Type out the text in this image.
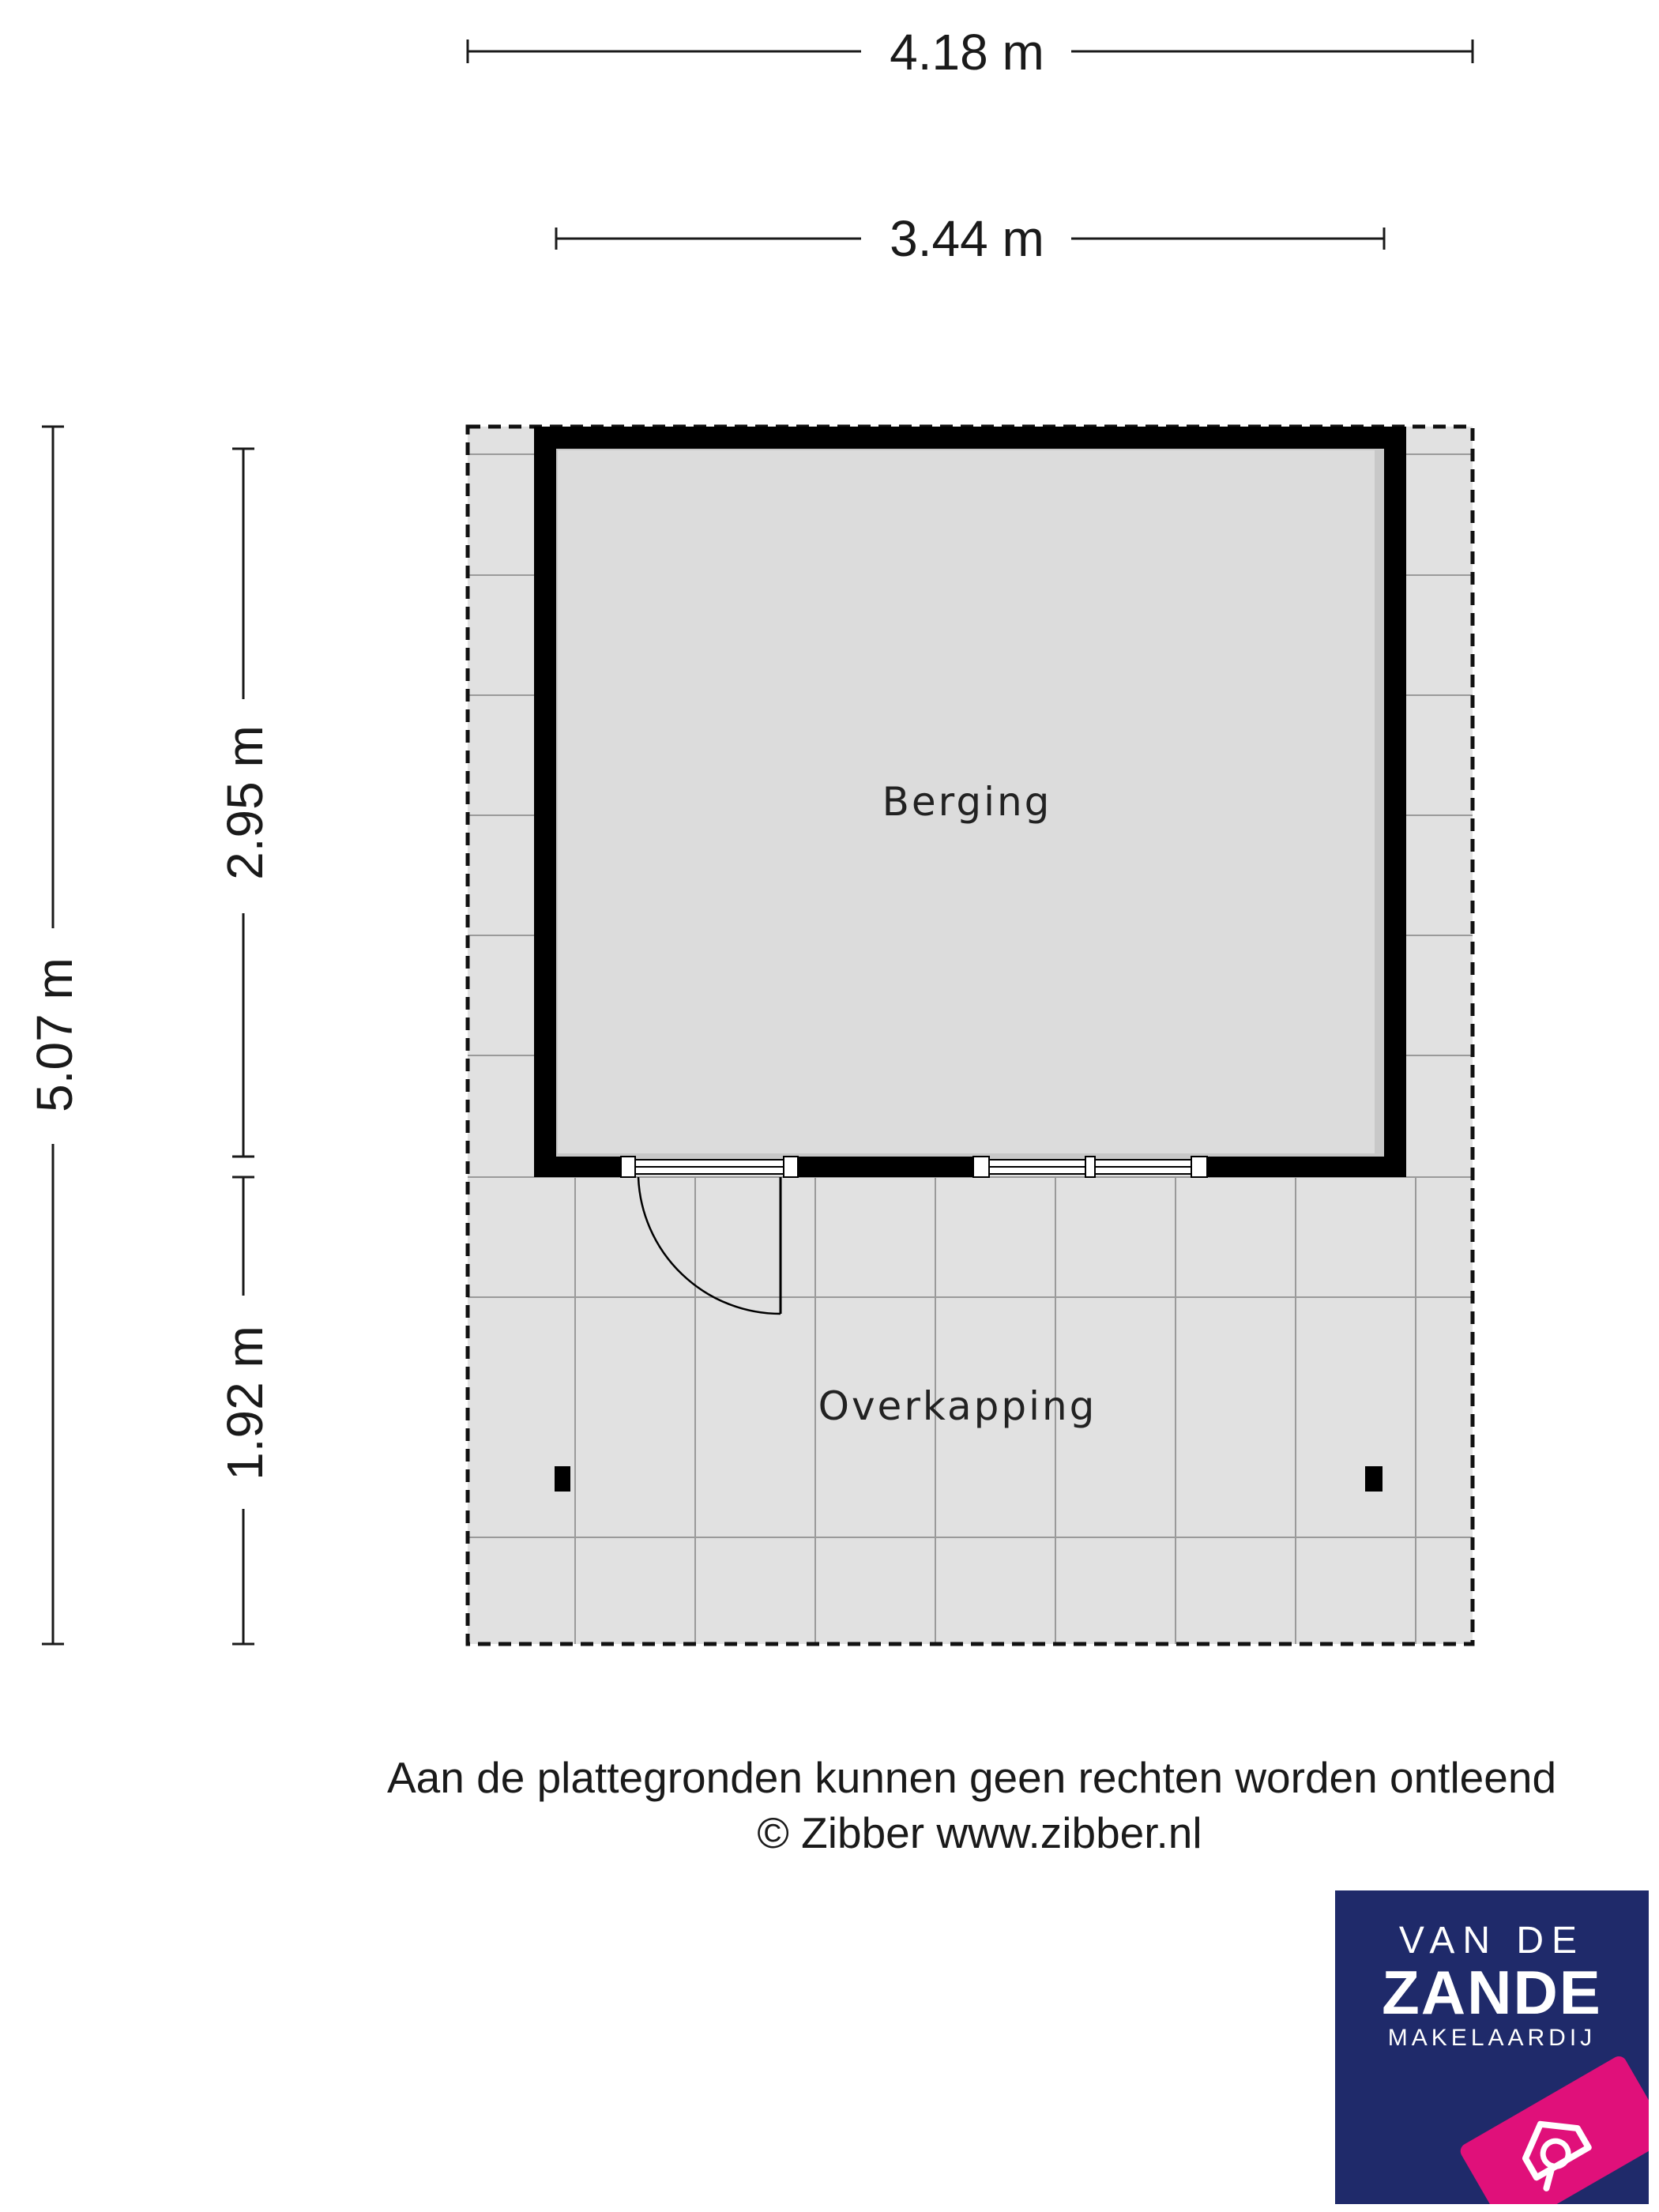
Berging
Overkapping
4.18 m
3.44 m
5.07 m
2.95 m
1.92 m
Aan de plattegronden kunnen geen rechten worden ontleend
© Zibber www.zibber.nl
VAN DE
ZANDE
MAKELAARDIJ
